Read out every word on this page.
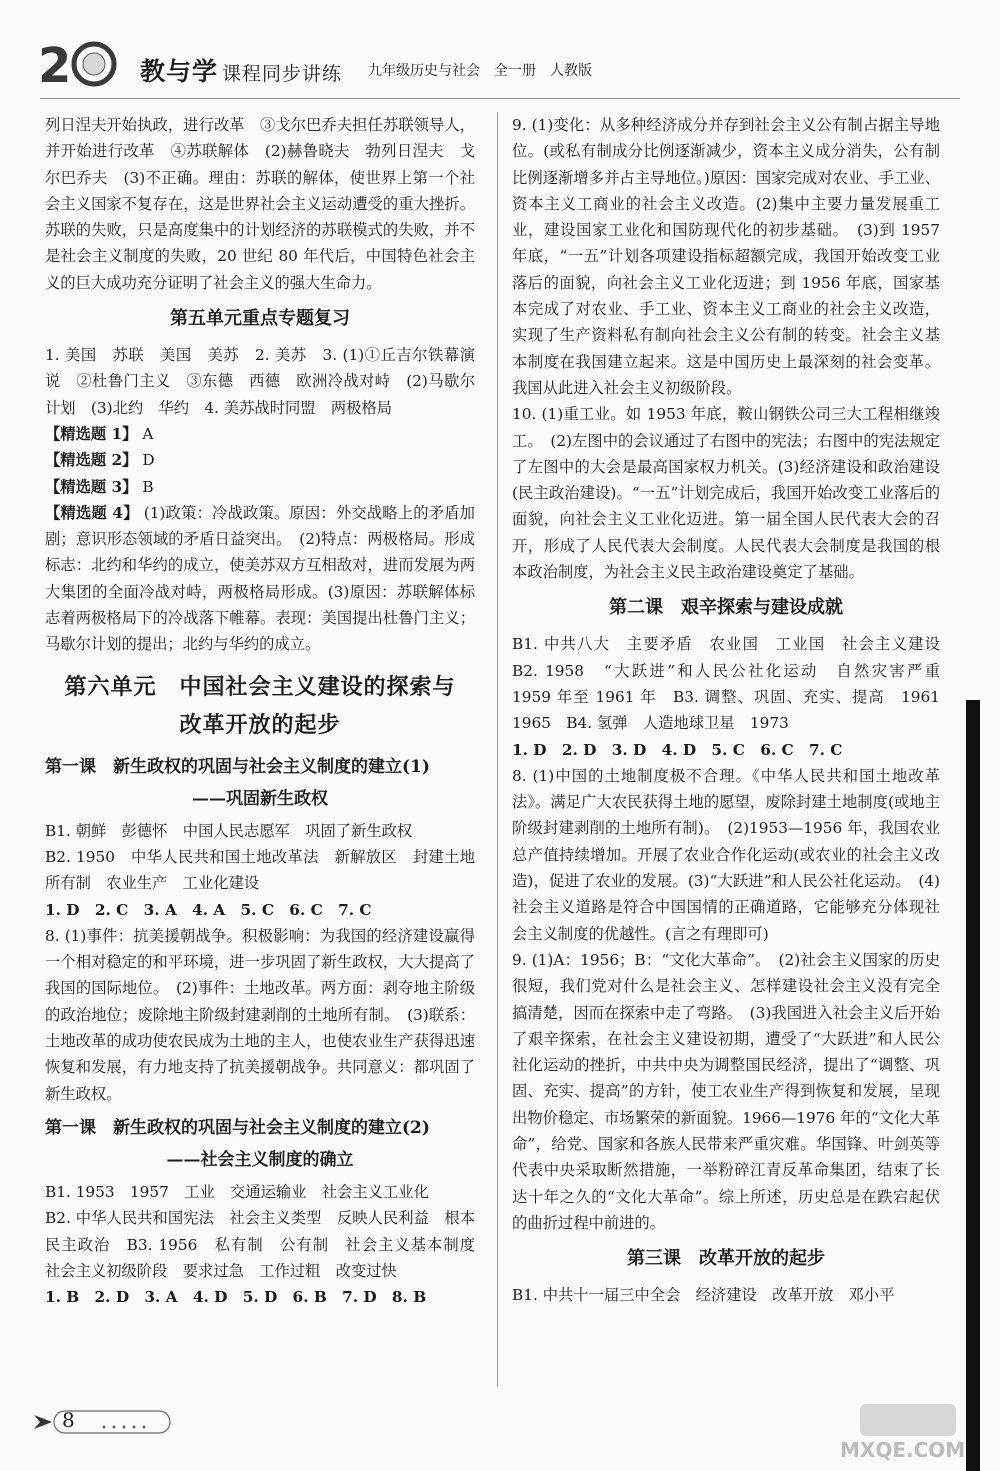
2	教与学 课程同步讲练 九年级历史与社会　全一册　人教版

列日涅夫开始执政，进行改革　③戈尔巴乔夫担任苏联领导人，并开始进行改革　④苏联解体　(2)赫鲁晓夫　勃列日涅夫　戈尔巴乔夫　(3)不正确。理由：苏联的解体，使世界上第一个社会主义国家不复存在，这是世界社会主义运动遭受的重大挫折。苏联的失败，只是高度集中的计划经济的苏联模式的失败，并不是社会主义制度的失败，20 世纪 80 年代后，中国特色社会主义的巨大成功充分证明了社会主义的强大生命力。

第五单元重点专题复习

1. 美国　苏联　美国　美苏　2. 美苏　3. (1)①丘吉尔铁幕演说　②杜鲁门主义　③东德　西德　欧洲冷战对峙　(2)马歇尔计划　(3)北约　华约　4. 美苏战时同盟　两极格局

【精选题 1】 A

【精选题 2】 D

【精选题 3】 B

【精选题 4】 (1)政策：冷战政策。原因：外交战略上的矛盾加剧；意识形态领域的矛盾日益突出。　(2)特点：两极格局。形成标志：北约和华约的成立，使美苏双方互相敌对，进而发展为两大集团的全面冷战对峙，两极格局形成。(3)原因：苏联解体标志着两极格局下的冷战落下帷幕。表现：美国提出杜鲁门主义；马歇尔计划的提出；北约与华约的成立。

第六单元　中国社会主义建设的探索与
改革开放的起步
第一课　新生政权的巩固与社会主义制度的建立(1)
——巩固新生政权

B1. 朝鲜　彭德怀　中国人民志愿军　巩固了新生政权

B2. 1950　中华人民共和国土地改革法　新解放区　封建土地所有制　农业生产　工业化建设

1. D　2. C　3. A　4. A　5. C　6. C　7. C

8. (1)事件：抗美援朝战争。积极影响：为我国的经济建设赢得一个相对稳定的和平环境，进一步巩固了新生政权，大大提高了我国的国际地位。　(2)事件：土地改革。两方面：剥夺地主阶级的政治地位；废除地主阶级封建剥削的土地所有制。　(3)联系：土地改革的成功使农民成为土地的主人，也使农业生产获得迅速恢复和发展，有力地支持了抗美援朝战争。共同意义：都巩固了新生政权。

第一课　新生政权的巩固与社会主义制度的建立(2)
——社会主义制度的确立

B1. 1953　1957　工业　交通运输业　社会主义工业化

B2. 中华人民共和国宪法　社会主义类型　反映人民利益　根本　民主政治　B3. 1956　私有制　公有制　社会主义基本制度　社会主义初级阶段　要求过急　工作过粗　改变过快

1. B　2. D　3. A　4. D　5. D　6. B　7. D　8. B

9. (1)变化：从多种经济成分并存到社会主义公有制占据主导地位。(或私有制成分比例逐渐减少，资本主义成分消失，公有制比例逐渐增多并占主导地位。)原因：国家完成对农业、手工业、资本主义工商业的社会主义改造。(2)集中主要力量发展重工业，建设国家工业化和国防现代化的初步基础。　(3)到 1957 年底，“一五”计划各项建设指标超额完成，我国开始改变工业落后的面貌，向社会主义工业化迈进；到 1956 年底，国家基本完成了对农业、手工业、资本主义工商业的社会主义改造，实现了生产资料私有制向社会主义公有制的转变。社会主义基本制度在我国建立起来。这是中国历史上最深刻的社会变革。我国从此进入社会主义初级阶段。

10. (1)重工业。如 1953 年底，鞍山钢铁公司三大工程相继竣工。　(2)左图中的会议通过了右图中的宪法；右图中的宪法规定了左图中的大会是最高国家权力机关。(3)经济建设和政治建设(民主政治建设)。“一五”计划完成后，我国开始改变工业落后的面貌，向社会主义工业化迈进。第一届全国人民代表大会的召开，形成了人民代表大会制度。人民代表大会制度是我国的根本政治制度，为社会主义民主政治建设奠定了基础。

第二课　艰辛探索与建设成就

B1. 中共八大　主要矛盾　农业国　工业国　社会主义建设　B2. 1958　“大跃进”和人民公社化运动　自然灾害严重　1959 年至 1961 年　B3. 调整、巩固、充实、提高　1961　1965　B4. 氢弹　人造地球卫星　1973

1. D　2. D　3. D　4. D　5. C　6. C　7. C

8. (1)中国的土地制度极不合理。《中华人民共和国土地改革法》。满足广大农民获得土地的愿望，废除封建土地制度(或地主阶级封建剥削的土地所有制)。　(2)1953—1956 年，我国农业总产值持续增加。开展了农业合作化运动(或农业的社会主义改造)，促进了农业的发展。(3)“大跃进”和人民公社化运动。　(4)社会主义道路是符合中国国情的正确道路，它能够充分体现社会主义制度的优越性。(言之有理即可)

9. (1)A：1956；B：“文化大革命”。　(2)社会主义国家的历史很短，我们党对什么是社会主义、怎样建设社会主义没有完全搞清楚，因而在探索中走了弯路。　(3)我国进入社会主义后开始了艰辛探索，在社会主义建设初期，遭受了“大跃进”和人民公社化运动的挫折，中共中央为调整国民经济，提出了“调整、巩固、充实、提高”的方针，使工农业生产得到恢复和发展，呈现出物价稳定、市场繁荣的新面貌。1966—1976 年的“文化大革命”，给党、国家和各族人民带来严重灾难。华国锋、叶剑英等代表中央采取断然措施，一举粉碎江青反革命集团，结束了长达十年之久的“文化大革命”。综上所述，历史总是在跌宕起伏的曲折过程中前进的。

第三课　改革开放的起步

B1. 中共十一届三中全会　经济建设　改革开放　邓小平

8
MXQE.COM
